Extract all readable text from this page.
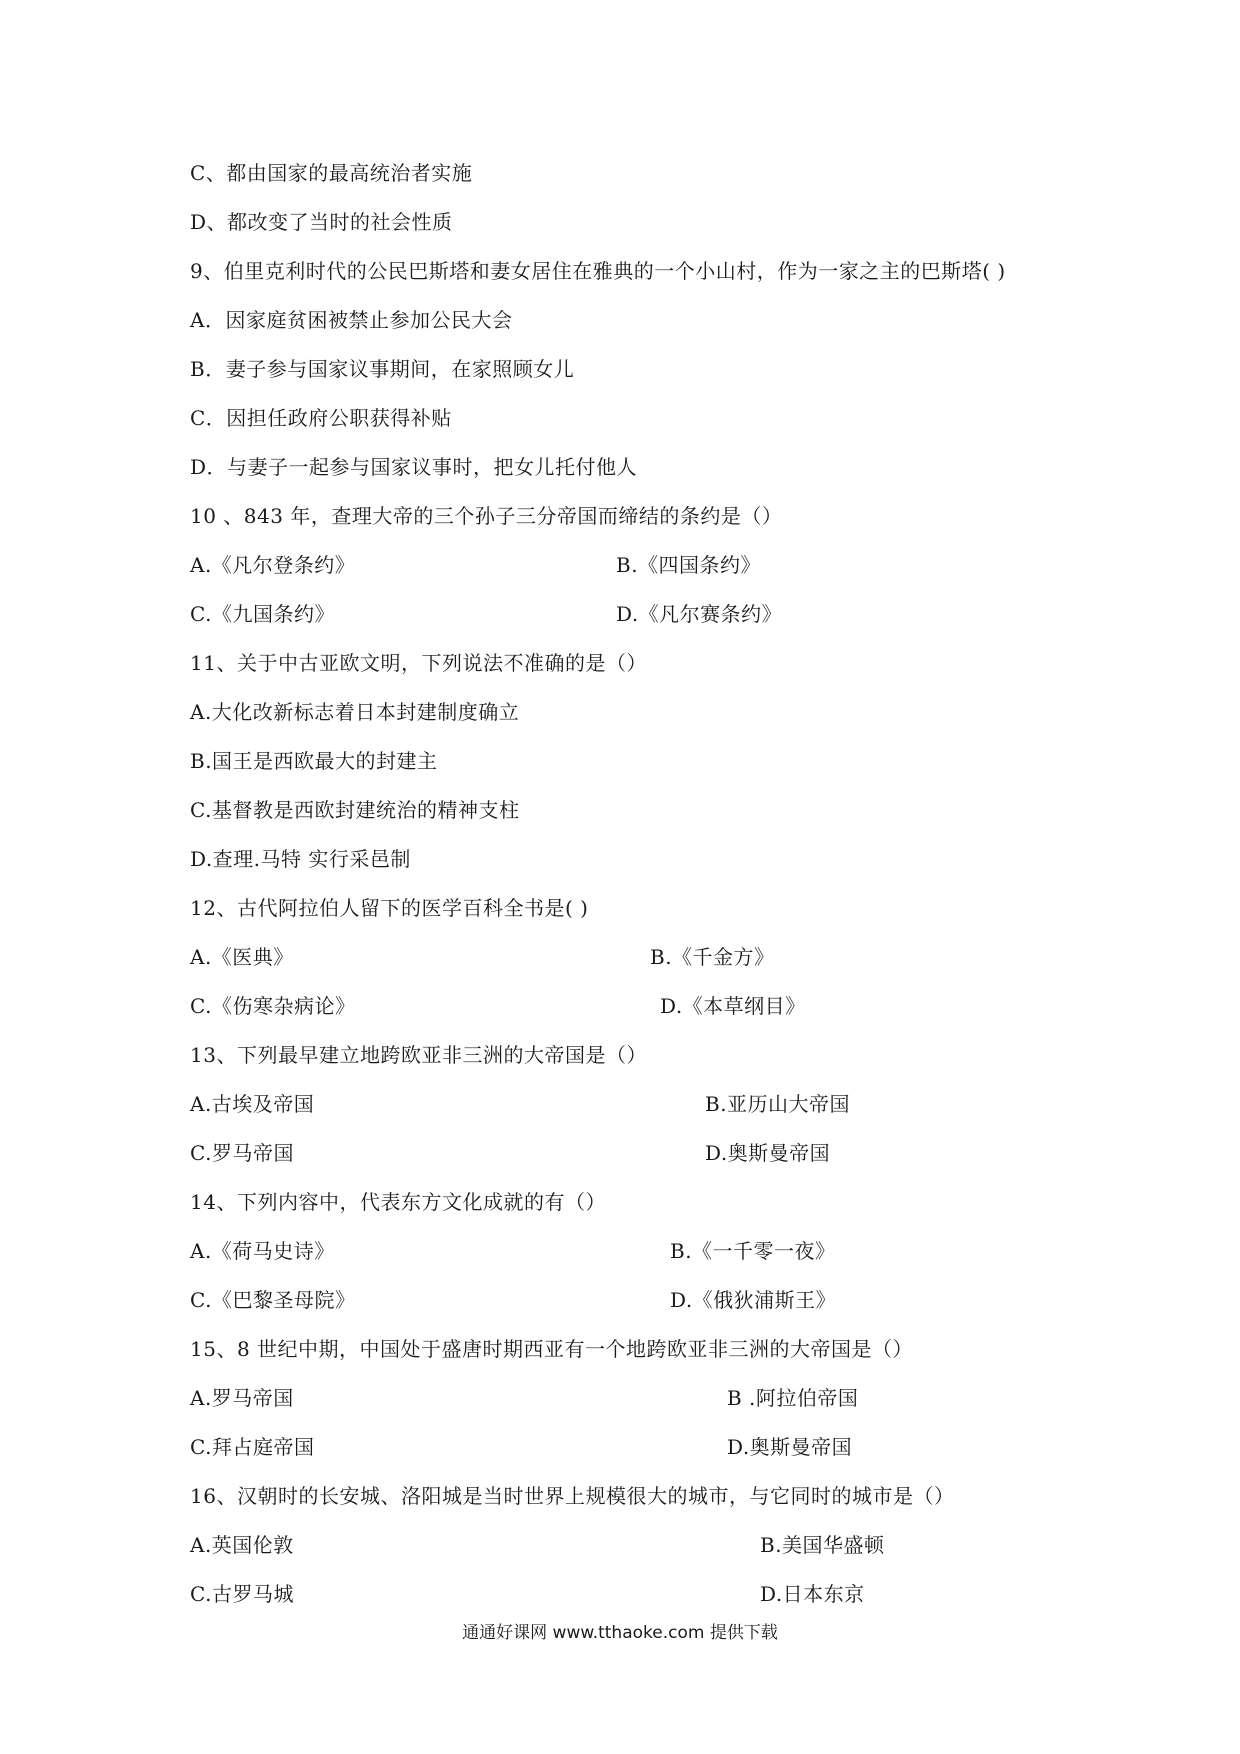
C、都由国家的最高统治者实施
D、都改变了当时的社会性质
9、伯里克利时代的公民巴斯塔和妻女居住在雅典的一个小山村，作为一家之主的巴斯塔( )
A．因家庭贫困被禁止参加公民大会
B．妻子参与国家议事期间，在家照顾女儿
C．因担任政府公职获得补贴
D．与妻子一起参与国家议事时，把女儿托付他人
10 、843 年，查理大帝的三个孙子三分帝国而缔结的条约是（）
A.《凡尔登条约》	B.《四国条约》
C.《九国条约》	D.《凡尔赛条约》
11、关于中古亚欧文明，下列说法不准确的是（）
A.大化改新标志着日本封建制度确立
B.国王是西欧最大的封建主
C.基督教是西欧封建统治的精神支柱
D.查理.马特 实行采邑制
12、古代阿拉伯人留下的医学百科全书是( )
A.《医典》	B.《千金方》
C.《伤寒杂病论》	D.《本草纲目》
13、下列最早建立地跨欧亚非三洲的大帝国是（）
A.古埃及帝国	B.亚历山大帝国
C.罗马帝国	D.奥斯曼帝国
14、下列内容中，代表东方文化成就的有（）
A.《荷马史诗》	B.《一千零一夜》
C.《巴黎圣母院》	D.《俄狄浦斯王》
15、8 世纪中期，中国处于盛唐时期西亚有一个地跨欧亚非三洲的大帝国是（）
A.罗马帝国	B .阿拉伯帝国
C.拜占庭帝国	D.奥斯曼帝国
16、汉朝时的长安城、洛阳城是当时世界上规模很大的城市，与它同时的城市是（）
A.英国伦敦	B.美国华盛顿
C.古罗马城	D.日本东京
通通好课网 www.tthaoke.com 提供下载
